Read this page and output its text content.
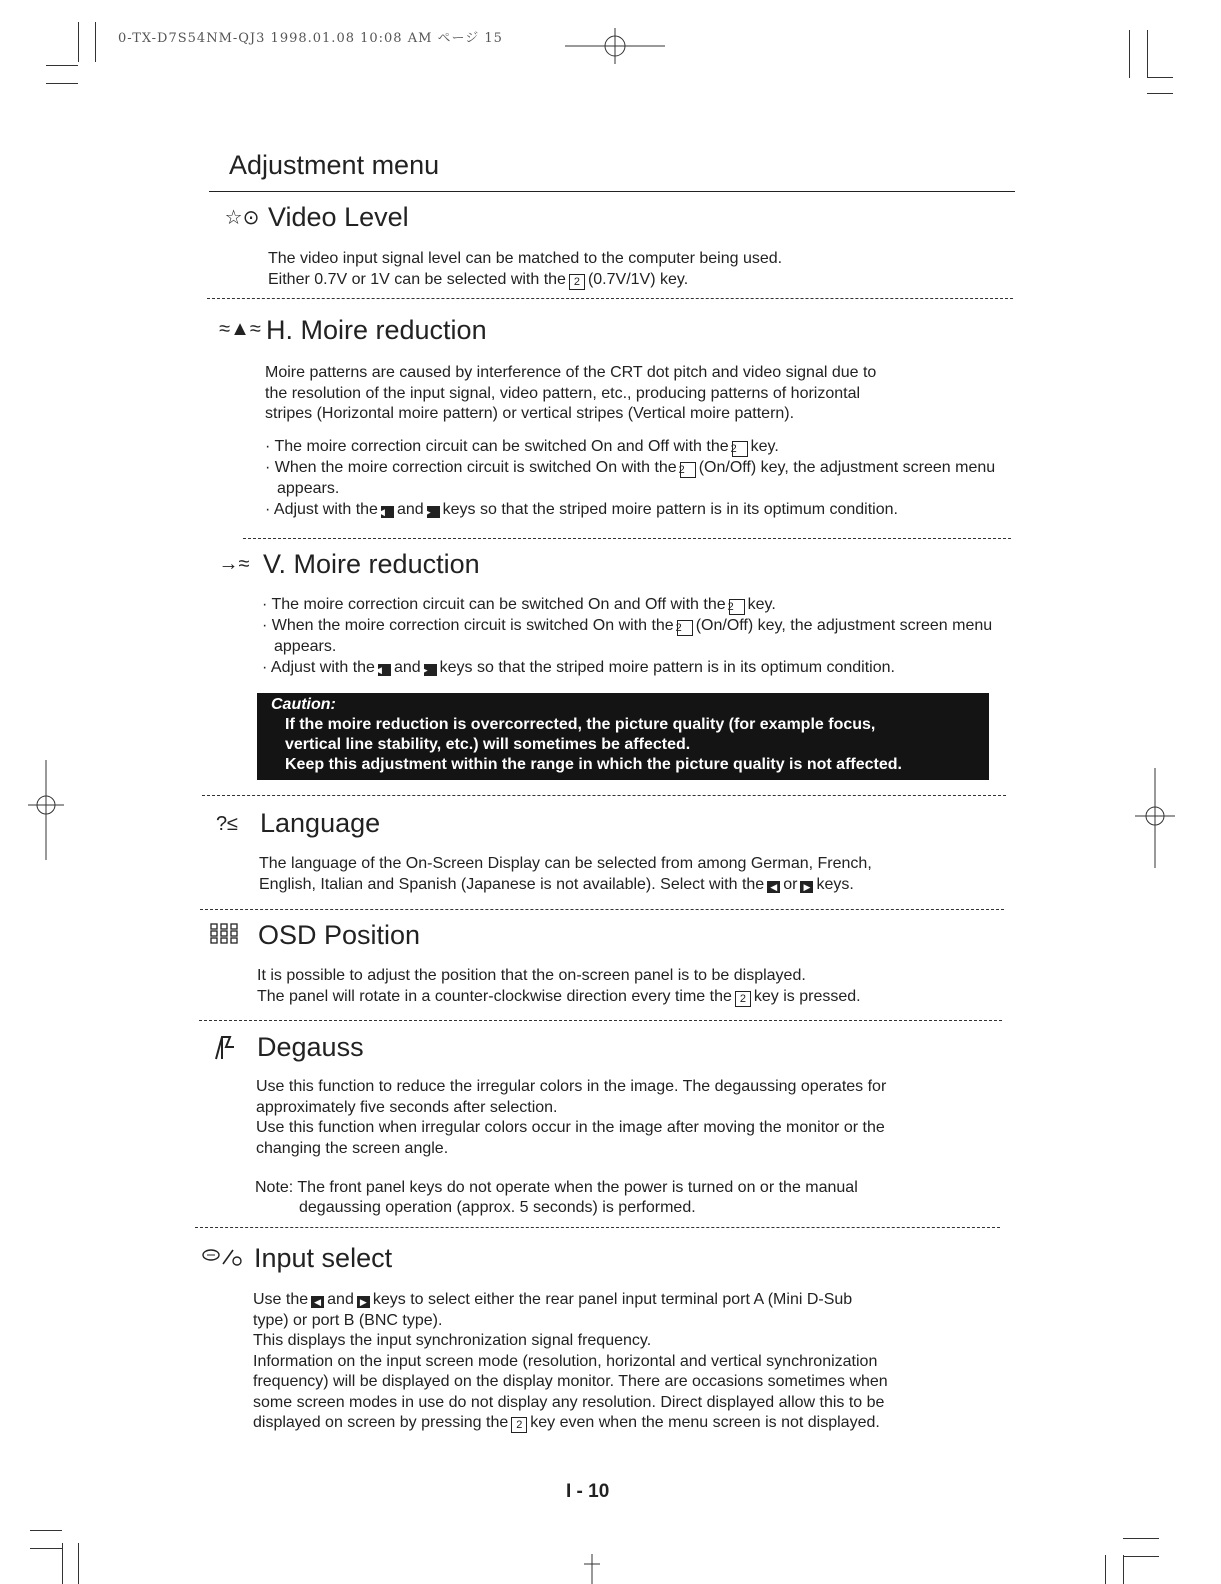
0-TX-D7S54NM-QJ3 1998.01.08 10:08 AM ページ 15
Adjustment menu
☆⊙ Video Level

The video input signal level can be matched to the computer being used.

Either 0.7V or 1V can be selected with the 2 (0.7V/1V) key.

≈▲≈ H. Moire reduction

Moire patterns are caused by interference of the CRT dot pitch and video signal due to

the resolution of the input signal, video pattern, etc., producing patterns of horizontal

stripes (Horizontal moire pattern) or vertical stripes (Vertical moire pattern).

· The moire correction circuit can be switched On and Off with the 2 key.
· When the moire correction circuit is switched On with the 2 (On/Off) key, the adjustment screen menu appears.
· Adjust with the◀ and▶ keys so that the striped moire pattern is in its optimum condition.
→≈ V. Moire reduction
· The moire correction circuit can be switched On and Off with the 2 key.
· When the moire correction circuit is switched On with the 2 (On/Off) key, the adjustment screen menu appears.
· Adjust with the◀ and▶ keys so that the striped moire pattern is in its optimum condition.
Caution:
If the moire reduction is overcorrected, the picture quality (for example focus,
vertical line stability, etc.) will sometimes be affected.
Keep this adjustment within the range in which the picture quality is not affected.
?≤ Language

The language of the On-Screen Display can be selected from among German, French,

English, Italian and Spanish (Japanese is not available). Select with the ◀ or ▶ keys.

OSD Position

It is possible to adjust the position that the on-screen panel is to be displayed.

The panel will rotate in a counter-clockwise direction every time the 2 key is pressed.

Degauss

Use this function to reduce the irregular colors in the image. The degaussing operates for

approximately five seconds after selection.

Use this function when irregular colors occur in the image after moving the monitor or the

changing the screen angle.

Note: The front panel keys do not operate when the power is turned on or the manual
degaussing operation (approx. 5 seconds) is performed.
Input select

Use the ◀ and ▶ keys to select either the rear panel input terminal port A (Mini D-Sub

type) or port B (BNC type).

This displays the input synchronization signal frequency.

Information on the input screen mode (resolution, horizontal and vertical synchronization

frequency) will be displayed on the display monitor. There are occasions sometimes when

some screen modes in use do not display any resolution. Direct displayed allow this to be

displayed on screen by pressing the 2 key even when the menu screen is not displayed.

I - 10
